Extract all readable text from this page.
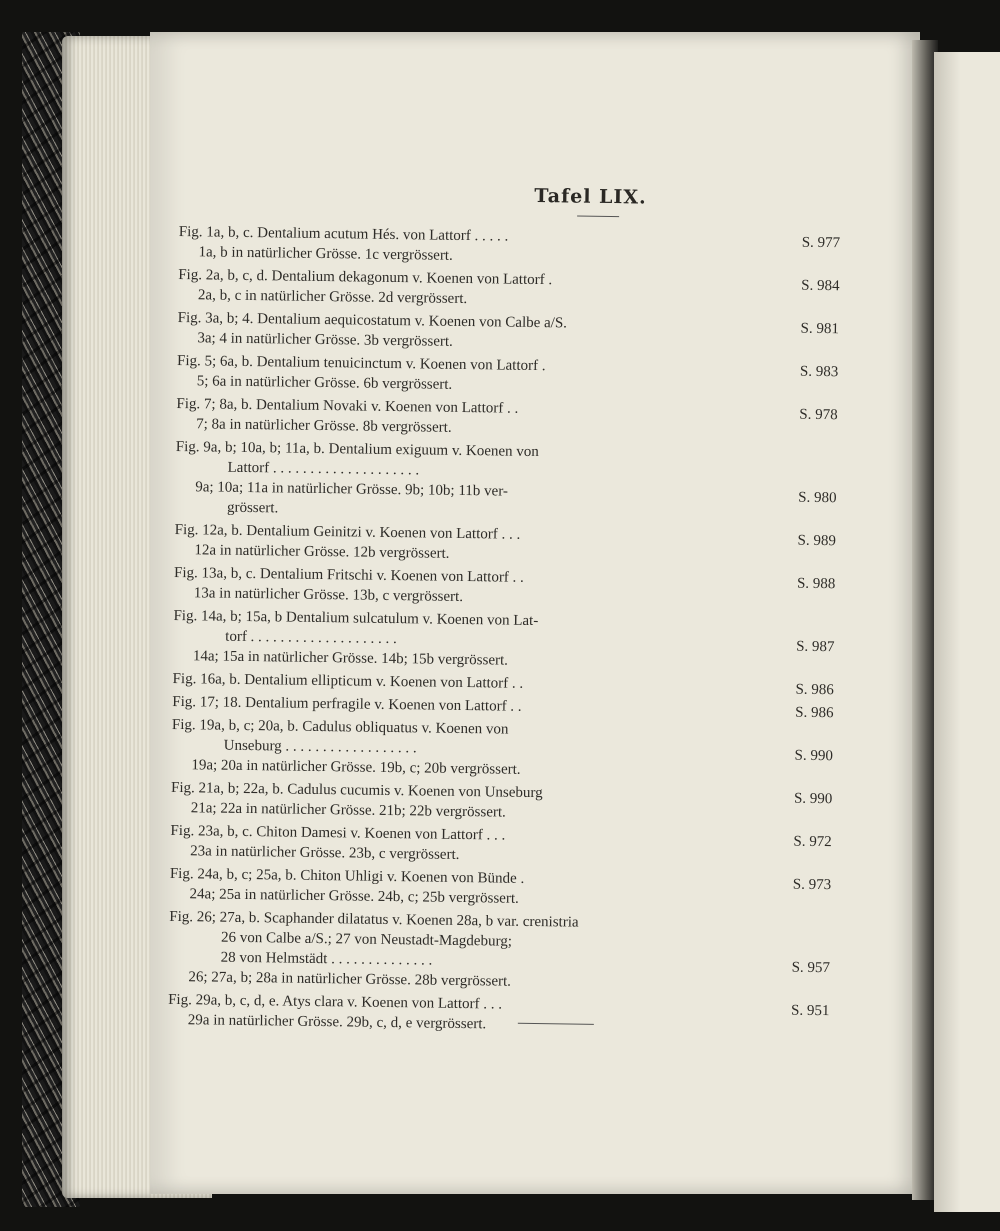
Tafel LIX.
Fig. 1a, b, c. Dentalium acutum Hés. von Lattorf . . . . .
1a, b in natürlicher Grösse. 1c vergrössert.
S. 977
Fig. 2a, b, c, d. Dentalium dekagonum v. Koenen von Lattorf .
2a, b, c in natürlicher Grösse. 2d vergrössert.
S. 984
Fig. 3a, b; 4. Dentalium aequicostatum v. Koenen von Calbe a/S.
3a; 4 in natürlicher Grösse. 3b vergrössert.
S. 981
Fig. 5; 6a, b. Dentalium tenuicinctum v. Koenen von Lattorf .
5; 6a in natürlicher Grösse. 6b vergrössert.
S. 983
Fig. 7; 8a, b. Dentalium Novaki v. Koenen von Lattorf . .
7; 8a in natürlicher Grösse. 8b vergrössert.
S. 978
Fig. 9a, b; 10a, b; 11a, b. Dentalium exiguum v. Koenen von
Lattorf . . . . . . . . . . . . . . . . . . . .
9a; 10a; 11a in natürlicher Grösse. 9b; 10b; 11b ver-
grössert.
S. 980
Fig. 12a, b. Dentalium Geinitzi v. Koenen von Lattorf . . .
12a in natürlicher Grösse. 12b vergrössert.
S. 989
Fig. 13a, b, c. Dentalium Fritschi v. Koenen von Lattorf . .
13a in natürlicher Grösse. 13b, c vergrössert.
S. 988
Fig. 14a, b; 15a, b Dentalium sulcatulum v. Koenen von Lat-
torf . . . . . . . . . . . . . . . . . . . .
14a; 15a in natürlicher Grösse. 14b; 15b vergrössert.
S. 987
Fig. 16a, b. Dentalium ellipticum v. Koenen von Lattorf . .	S. 986
Fig. 17; 18. Dentalium perfragile v. Koenen von Lattorf . .	S. 986
Fig. 19a, b, c; 20a, b. Cadulus obliquatus v. Koenen von
Unseburg . . . . . . . . . . . . . . . . . .
19a; 20a in natürlicher Grösse. 19b, c; 20b vergrössert.
S. 990
Fig. 21a, b; 22a, b. Cadulus cucumis v. Koenen von Unseburg
21a; 22a in natürlicher Grösse. 21b; 22b vergrössert.
S. 990
Fig. 23a, b, c. Chiton Damesi v. Koenen von Lattorf . . .
23a in natürlicher Grösse. 23b, c vergrössert.
S. 972
Fig. 24a, b, c; 25a, b. Chiton Uhligi v. Koenen von Bünde .
24a; 25a in natürlicher Grösse. 24b, c; 25b vergrössert.
S. 973
Fig. 26; 27a, b. Scaphander dilatatus v. Koenen 28a, b var. crenistria
26 von Calbe a/S.; 27 von Neustadt-Magdeburg;
28 von Helmstädt . . . . . . . . . . . . . .
26; 27a, b; 28a in natürlicher Grösse. 28b vergrössert.
S. 957
Fig. 29a, b, c, d, e. Atys clara v. Koenen von Lattorf . . .
29a in natürlicher Grösse. 29b, c, d, e vergrössert.
S. 951
